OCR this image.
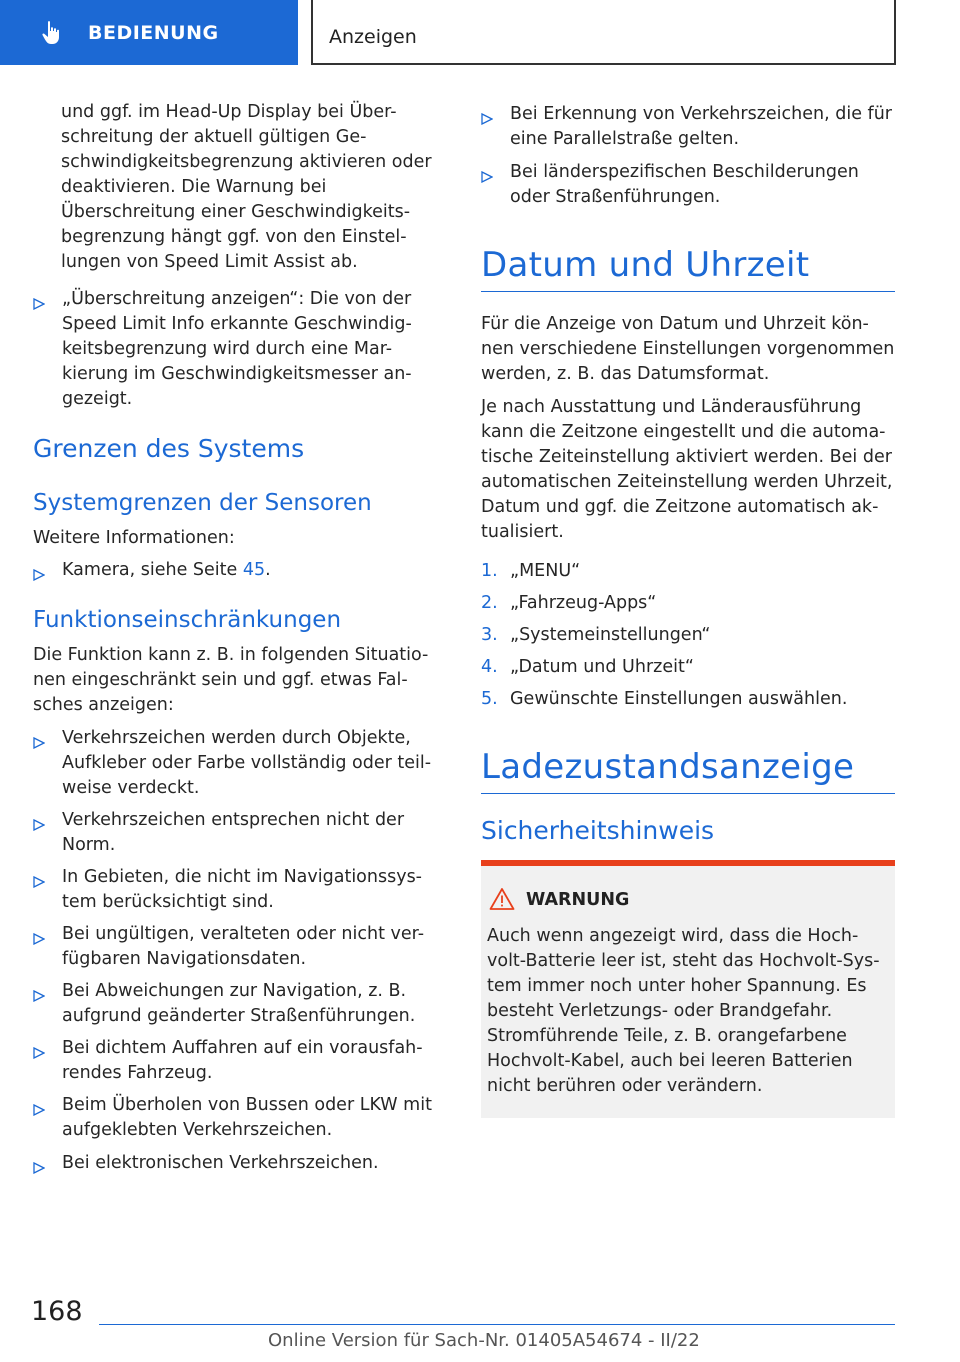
BEDIENUNG	Anzeigen
und ggf. im Head-Up Display bei Über-schreitung der aktuell gültigen Ge-schwindigkeitsbegrenzung aktivieren oder deaktivieren. Die Warnung bei Überschreitung einer Geschwindigkeits-begrenzung hängt ggf. von den Einstel-lungen von Speed Limit Assist ab.
„Überschreitung anzeigen“: Die von der Speed Limit Info erkannte Geschwindig-keitsbegrenzung wird durch eine Mar-kierung im Geschwindigkeitsmesser an-gezeigt.
Grenzen des Systems
Systemgrenzen der Sensoren
Weitere Informationen:
Kamera, siehe Seite 45.
Funktionseinschränkungen
Die Funktion kann z. B. in folgenden Situatio-nen eingeschränkt sein und ggf. etwas Fal-sches anzeigen:
Verkehrszeichen werden durch Objekte, Aufkleber oder Farbe vollständig oder teil-weise verdeckt.
Verkehrszeichen entsprechen nicht der Norm.
In Gebieten, die nicht im Navigationssys-tem berücksichtigt sind.
Bei ungültigen, veralteten oder nicht ver-fügbaren Navigationsdaten.
Bei Abweichungen zur Navigation, z. B. aufgrund geänderter Straßenführungen.
Bei dichtem Auffahren auf ein vorausfah-rendes Fahrzeug.
Beim Überholen von Bussen oder LKW mit aufgeklebten Verkehrszeichen.
Bei elektronischen Verkehrszeichen.
Bei Erkennung von Verkehrszeichen, die für eine Parallelstraße gelten.
Bei länderspezifischen Beschilderungen oder Straßenführungen.
Datum und Uhrzeit
Für die Anzeige von Datum und Uhrzeit kön-nen verschiedene Einstellungen vorgenommen werden, z. B. das Datumsformat.
Je nach Ausstattung und Länderausführung kann die Zeitzone eingestellt und die automa-tische Zeiteinstellung aktiviert werden. Bei der automatischen Zeiteinstellung werden Uhrzeit, Datum und ggf. die Zeitzone automatisch ak-tualisiert.
1. „MENU“
2. „Fahrzeug-Apps“
3. „Systemeinstellungen“
4. „Datum und Uhrzeit“
5. Gewünschte Einstellungen auswählen.
Ladezustandsanzeige
Sicherheitshinweis
WARNUNG
Auch wenn angezeigt wird, dass die Hoch-volt-Batterie leer ist, steht das Hochvolt-Sys-tem immer noch unter hoher Spannung. Es besteht Verletzungs- oder Brandgefahr. Stromführende Teile, z. B. orangefarbene Hochvolt-Kabel, auch bei leeren Batterien nicht berühren oder verändern.
168
Online Version für Sach-Nr. 01405A54674 - II/22
